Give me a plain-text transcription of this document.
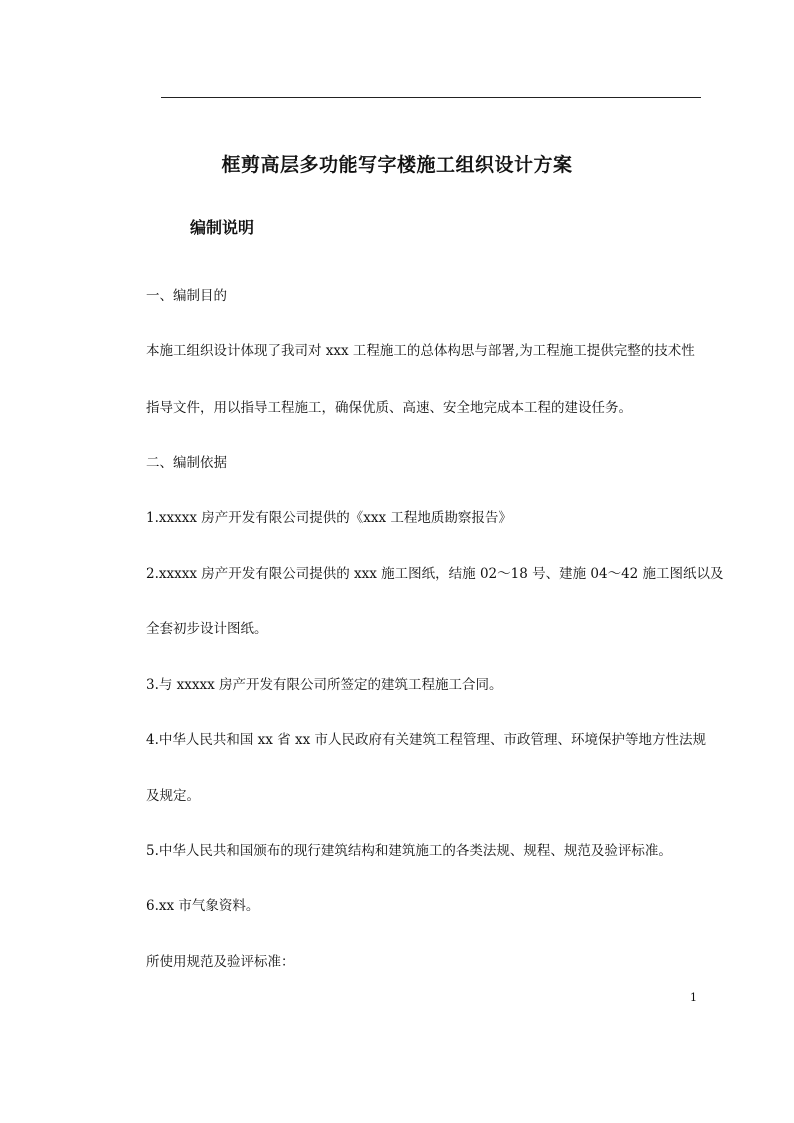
框剪高层多功能写字楼施工组织设计方案
编制说明
一、编制目的
本施工组织设计体现了我司对 xxx 工程施工的总体构思与部署,为工程施工提供完整的技术性
指导文件，用以指导工程施工，确保优质、高速、安全地完成本工程的建设任务。
二、编制依据
1.xxxxx 房产开发有限公司提供的《xxx 工程地质勘察报告》
2.xxxxx 房产开发有限公司提供的 xxx 施工图纸，结施 02～18 号、建施 04～42 施工图纸以及
全套初步设计图纸。
3.与 xxxxx 房产开发有限公司所签定的建筑工程施工合同。
4.中华人民共和国 xx 省 xx 市人民政府有关建筑工程管理、市政管理、环境保护等地方性法规
及规定。
5.中华人民共和国颁布的现行建筑结构和建筑施工的各类法规、规程、规范及验评标准。
6.xx 市气象资料。
所使用规范及验评标准：
1
